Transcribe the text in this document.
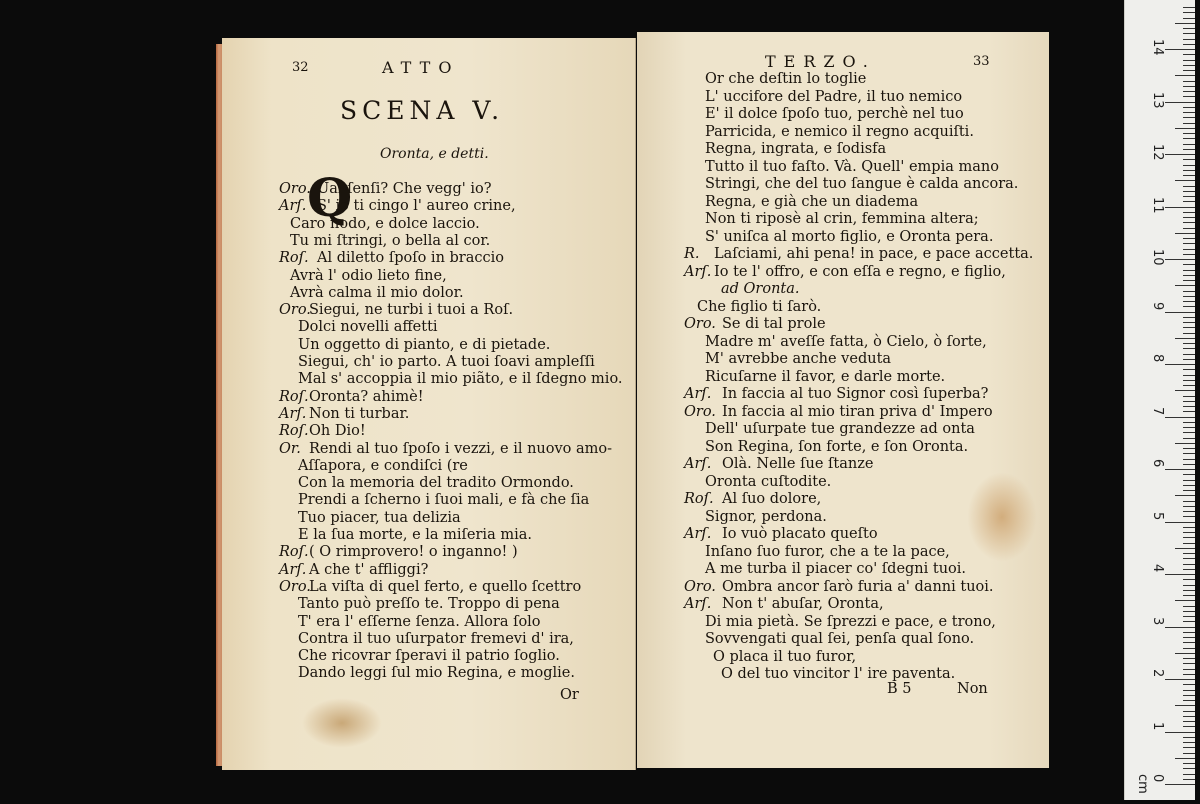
32	ATTO
SCENA V.
Oronta, e detti.
Q
Oro. Uai ſenſi? Che vegg' io?
Arſ. S' io ti cingo l' aureo crine,
Caro nodo, e dolce laccio.
Tu mi ſtringi, o bella al cor.
Roſ. Al diletto ſpoſo in braccio
Avrà l' odio lieto fine,
Avrà calma il mio dolor.
Oro.
Siegui, ne turbi i tuoi a Roſ.
Dolci novelli affetti
Un oggetto di pianto, e di pietade.
Siegui, ch' io parto. A tuoi ſoavi ampleſſi
Mal s' accoppia il mio piãto, e il ſdegno mio.
Roſ. Oronta? ahimè!
Arſ. Non ti turbar.
Roſ. Oh Dio!
Or. Rendi al tuo ſpoſo i vezzi, e il nuovo amo-
Aſſapora, e condiſci (re
Con la memoria del tradito Ormondo.
Prendi a ſcherno i ſuoi mali, e fà che ſia
Tuo piacer, tua delizia
E la ſua morte, e la miſeria mia.
Roſ. ( O rimprovero! o inganno! )
Arſ. A che t' affliggi?
Oro.
La viſta di quel ferto, e quello ſcettro
Tanto può preſſo te. Troppo di pena
T' era l' eſſerne ſenza. Allora ſolo
Contra il tuo uſurpator fremevi d' ira,
Che ricovrar ſperavi il patrio ſoglio.
Dando leggi ſul mio Regina, e moglie.
Or
TERZO.	33
Or che deſtin lo toglie
L' uccifore del Padre, il tuo nemico
E' il dolce ſpoſo tuo, perchè nel tuo
Parricida, e nemico il regno acquiſti.
Regna, ingrata, e ſodisfa
Tutto il tuo faſto. Và. Quell' empia mano
Stringi, che del tuo ſangue è calda ancora.
Regna, e già che un diadema
Non ti riposè al crin, femmina altera;
S' uniſca al morto figlio, e Oronta pera.
R. Laſciami, ahi pena! in pace, e pace accetta.
Arſ. Io te l' offro, e con eſſa e regno, e figlio,
ad Oronta.
Che figlio ti ſarò.
Oro. Se di tal prole
Madre m' aveſſe fatta, ò Cielo, ò ſorte,
M' avrebbe anche veduta
Ricuſarne il favor, e darle morte.
Arſ. In faccia al tuo Signor così ſuperba?
Oro. In faccia al mio tiran priva d' Impero
Dell' uſurpate tue grandezze ad onta
Son Regina, ſon forte, e ſon Oronta.
Arſ. Olà. Nelle ſue ſtanze
Oronta cuſtodite.
Roſ. Al ſuo dolore,
Signor, perdona.
Arſ. Io vuò placato queſto
Inſano ſuo furor, che a te la pace,
A me turba il piacer co' ſdegni tuoi.
Oro. Ombra ancor ſarò furia a' danni tuoi.
Arſ. Non t' abuſar, Oronta,
Di mia pietà. Se ſprezzi e pace, e trono,
Sovvengati qual ſei, penſa qual ſono.
O placa il tuo furor,
O del tuo vincitor l' ire paventa.
B 5	Non
0 cm
1
2
3
4
5
6
7
8
9
10
11
12
13
14
